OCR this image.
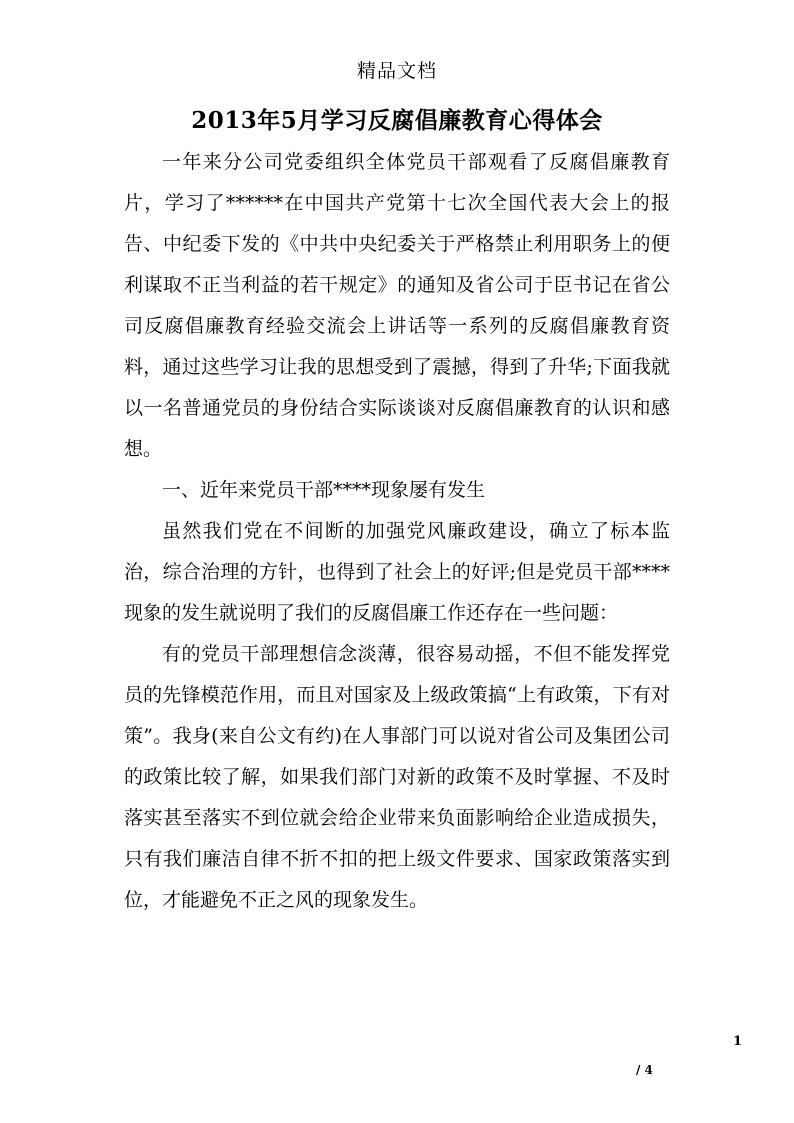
精品文档
2013年5月学习反腐倡廉教育心得体会

一年来分公司党委组织全体党员干部观看了反腐倡廉教育片，学习了******在中国共产党第十七次全国代表大会上的报告、中纪委下发的《中共中央纪委关于严格禁止利用职务上的便利谋取不正当利益的若干规定》的通知及省公司于臣书记在省公司反腐倡廉教育经验交流会上讲话等一系列的反腐倡廉教育资料，通过这些学习让我的思想受到了震撼，得到了升华;下面我就以一名普通党员的身份结合实际谈谈对反腐倡廉教育的认识和感想。

一、近年来党员干部****现象屡有发生

虽然我们党在不间断的加强党风廉政建设，确立了标本监治，综合治理的方针，也得到了社会上的好评;但是党员干部****现象的发生就说明了我们的反腐倡廉工作还存在一些问题：

有的党员干部理想信念淡薄，很容易动摇，不但不能发挥党员的先锋模范作用，而且对国家及上级政策搞“上有政策，下有对策”。我身(来自公文有约)在人事部门可以说对省公司及集团公司的政策比较了解，如果我们部门对新的政策不及时掌握、不及时落实甚至落实不到位就会给企业带来负面影响给企业造成损失，只有我们廉洁自律不折不扣的把上级文件要求、国家政策落实到位，才能避免不正之风的现象发生。

1
/ 4
